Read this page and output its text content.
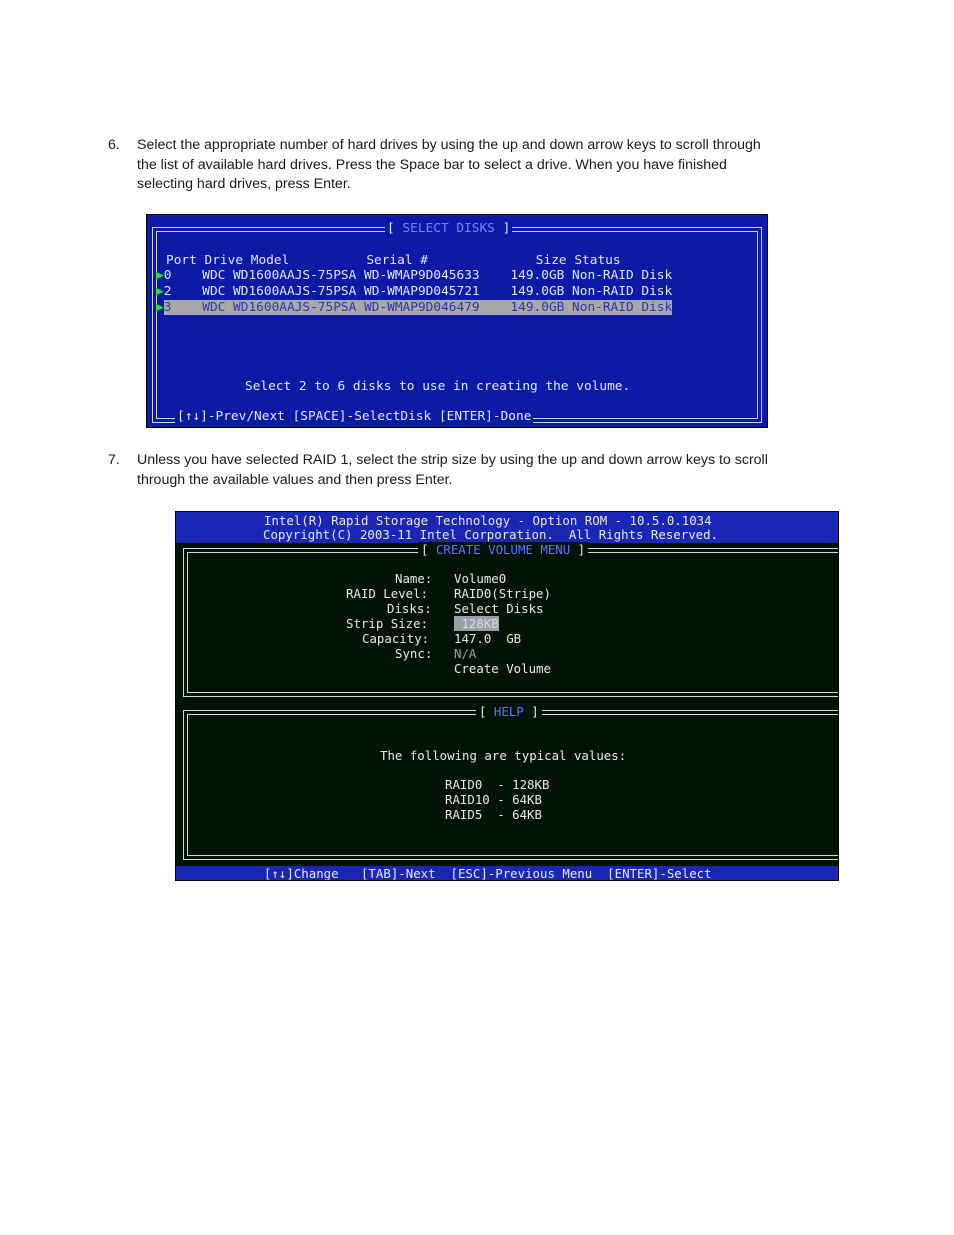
6. Select the appropriate number of hard drives by using the up and down arrow keys to scroll through
the list of available hard drives. Press the Space bar to select a drive. When you have finished
selecting hard drives, press Enter.
[ SELECT DISKS ]
Port Drive Model          Serial #              Size Status
▶0    WDC WD1600AAJS-75PSA WD-WMAP9D045633    149.0GB Non-RAID Disk
▶2    WDC WD1600AAJS-75PSA WD-WMAP9D045721    149.0GB Non-RAID Disk
▶3    WDC WD1600AAJS-75PSA WD-WMAP9D046479    149.0GB Non-RAID Disk
Select 2 to 6 disks to use in creating the volume.
[↑↓]-Prev/Next [SPACE]-SelectDisk [ENTER]-Done
7. Unless you have selected RAID 1, select the strip size by using the up and down arrow keys to scroll
through the available values and then press Enter.
Intel(R) Rapid Storage Technology - Option ROM - 10.5.0.1034
Copyright(C) 2003-11 Intel Corporation.  All Rights Reserved.
[ CREATE VOLUME MENU ]
Name: Volume0
RAID Level: RAID0(Stripe)
Disks: Select Disks
Strip Size: 128KB
Capacity: 147.0  GB
Sync: N/A
Create Volume
[ HELP ]
The following are typical values:
RAID0  - 128KB
RAID10 - 64KB
RAID5  - 64KB
[↑↓]Change   [TAB]-Next  [ESC]-Previous Menu  [ENTER]-Select
